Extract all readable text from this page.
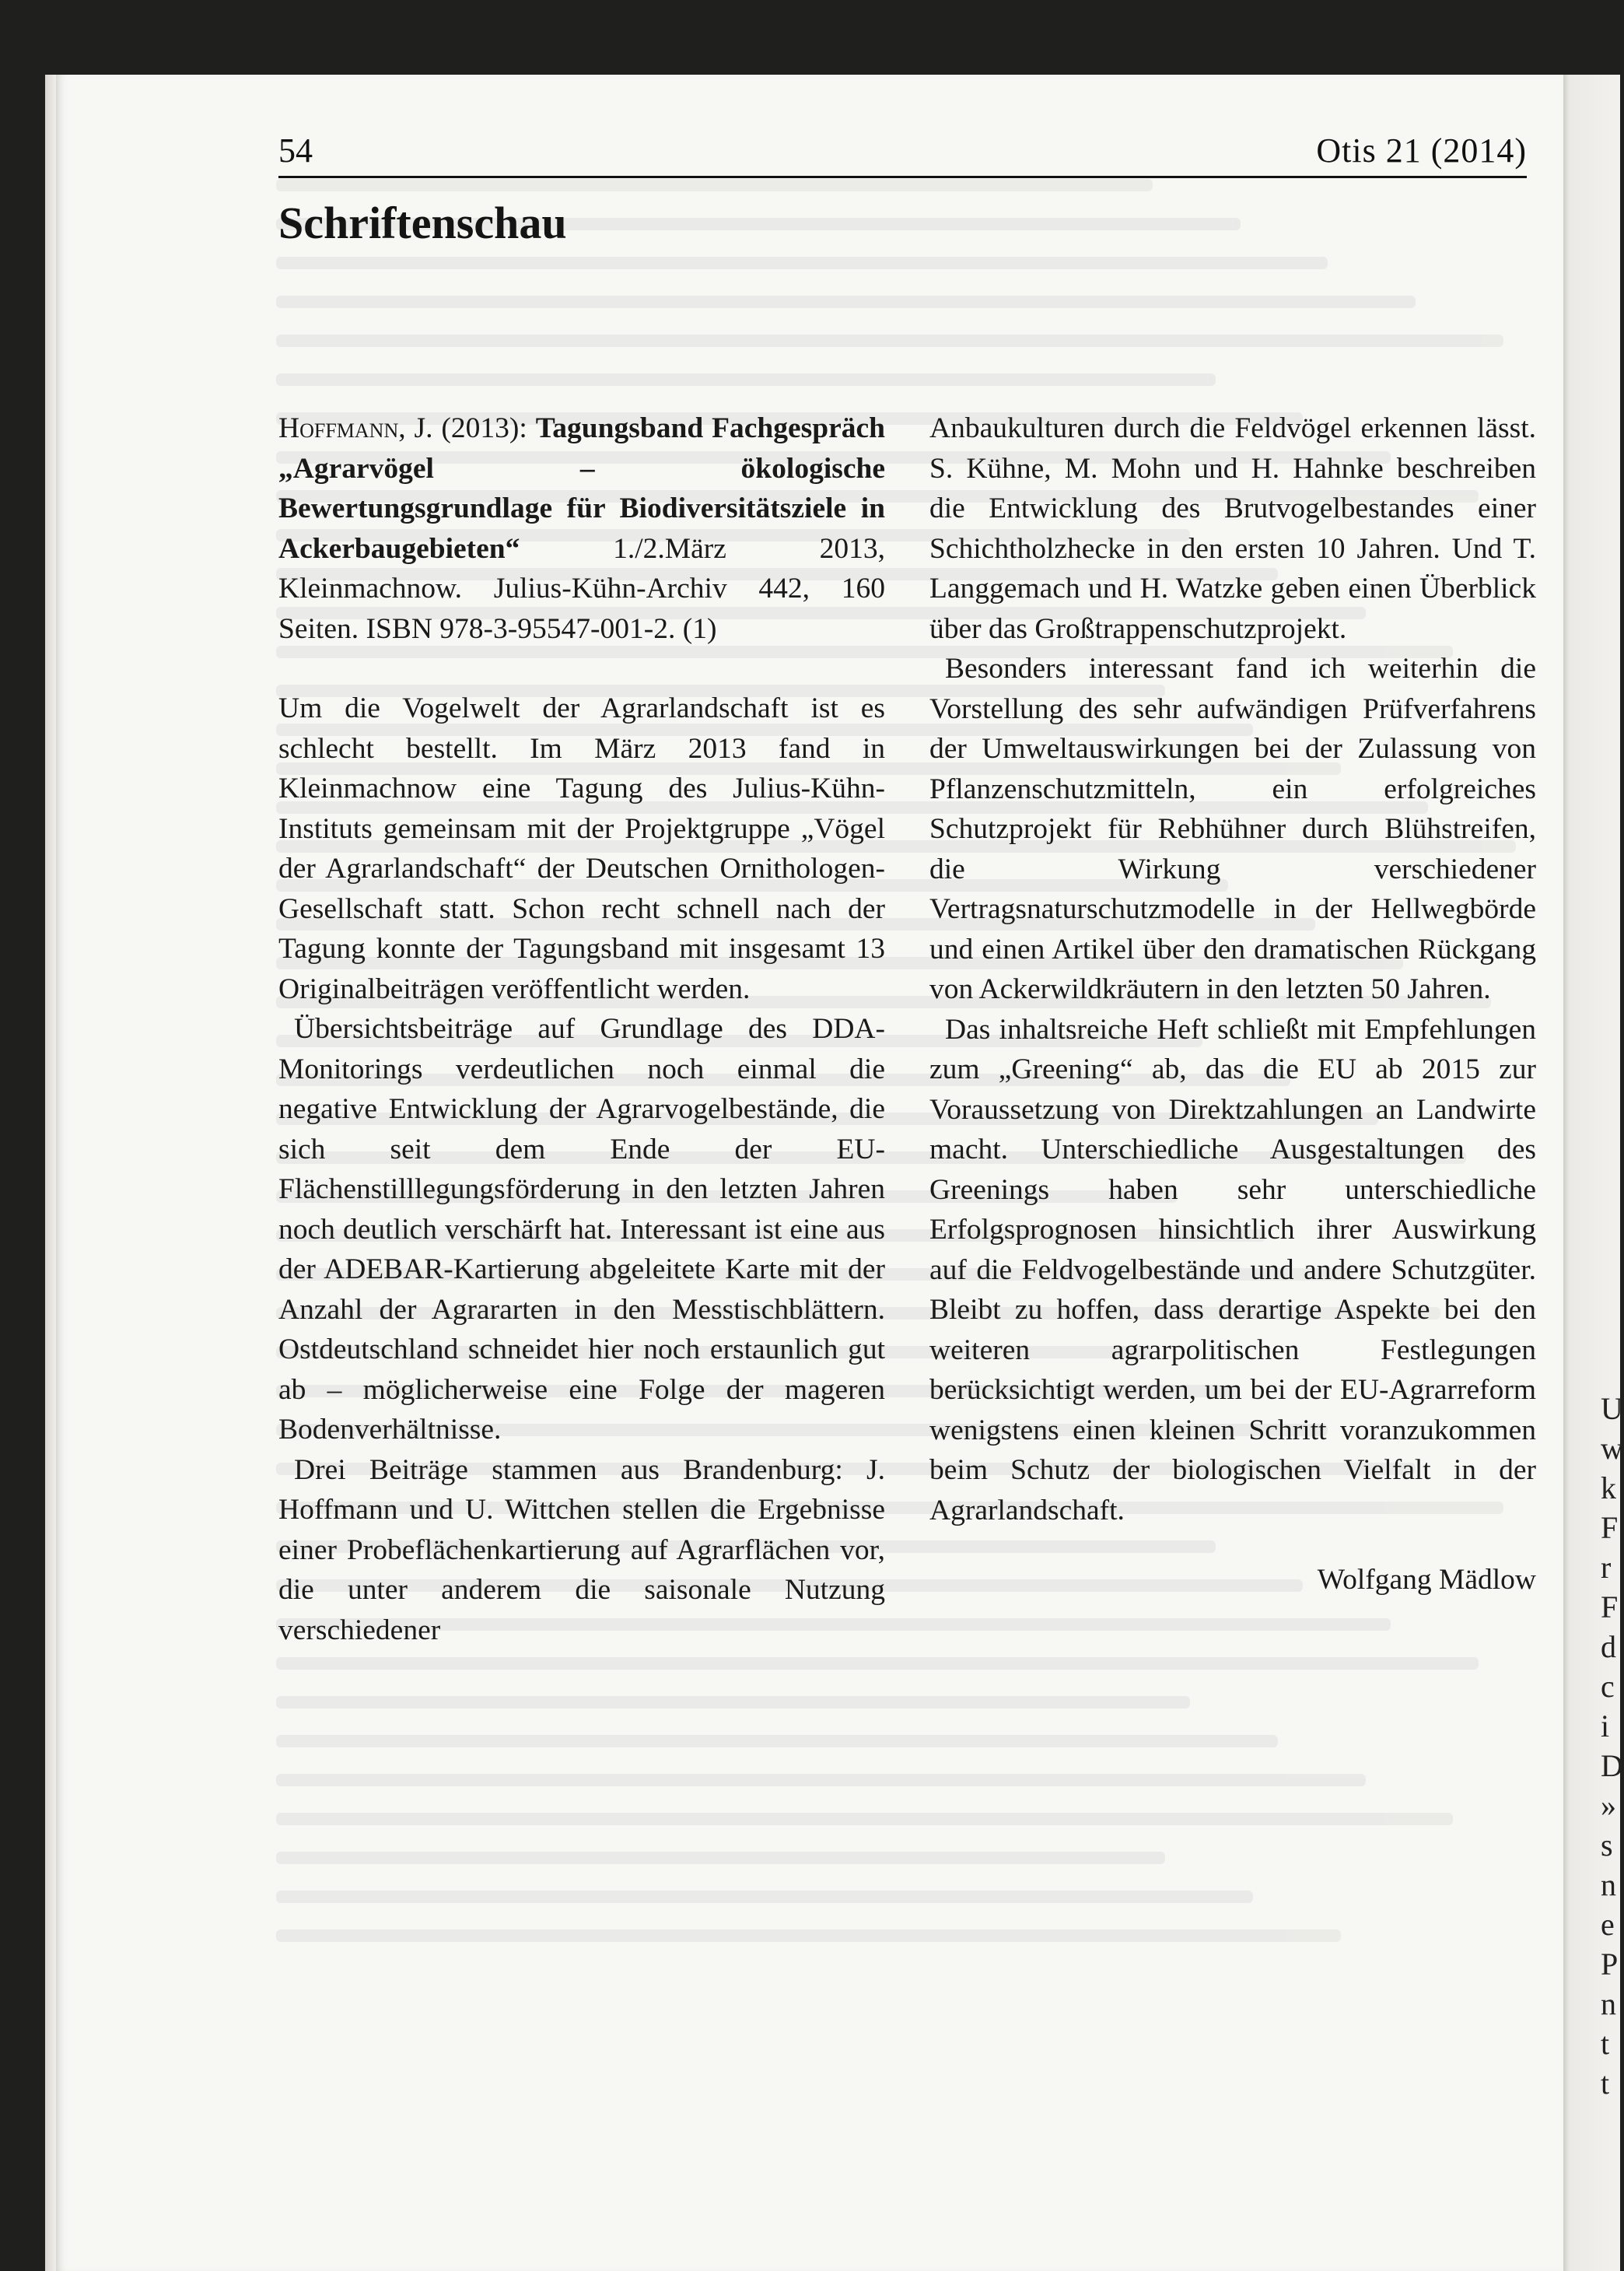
U
w
k
F
r
F
d
c
i
D
»
s
n
e
P
n
t
t
54	Otis 21 (2014)
Schriftenschau

Hoffmann, J. (2013): Tagungsband Fachgespräch „Agrarvögel – ökologische Bewertungsgrundlage für Biodiversitätsziele in Ackerbaugebieten“ 1./2.März 2013, Kleinmachnow. Julius-Kühn-Archiv 442, 160 Seiten. ISBN 978-3-95547-001-2. (1)

Um die Vogelwelt der Agrarlandschaft ist es schlecht bestellt. Im März 2013 fand in Kleinmachnow eine Tagung des Julius-Kühn-Instituts gemeinsam mit der Projektgruppe „Vögel der Agrarlandschaft“ der Deutschen Ornithologen-Gesellschaft statt. Schon recht schnell nach der Tagung konnte der Tagungsband mit insgesamt 13 Originalbeiträgen veröffentlicht werden.

Übersichtsbeiträge auf Grundlage des DDA-Monitorings verdeutlichen noch einmal die negative Entwicklung der Agrarvogelbestände, die sich seit dem Ende der EU-Flächenstilllegungsförderung in den letzten Jahren noch deutlich verschärft hat. Interessant ist eine aus der ADEBAR-Kartierung abgeleitete Karte mit der Anzahl der Agrararten in den Messtischblättern. Ostdeutschland schneidet hier noch erstaunlich gut ab – möglicherweise eine Folge der mageren Bodenverhältnisse.

Drei Beiträge stammen aus Brandenburg: J. Hoffmann und U. Wittchen stellen die Ergebnisse einer Probeflächenkartierung auf Agrarflächen vor, die unter anderem die saisonale Nutzung verschiedener

Anbaukulturen durch die Feldvögel erkennen lässt. S. Kühne, M. Mohn und H. Hahnke beschreiben die Entwicklung des Brutvogelbestandes einer Schichtholzhecke in den ersten 10 Jahren. Und T. Langgemach und H. Watzke geben einen Überblick über das Großtrappenschutzprojekt.

Besonders interessant fand ich weiterhin die Vorstellung des sehr aufwändigen Prüfverfahrens der Umweltauswirkungen bei der Zulassung von Pflanzenschutzmitteln, ein erfolgreiches Schutzprojekt für Rebhühner durch Blühstreifen, die Wirkung verschiedener Vertragsnaturschutzmodelle in der Hellwegbörde und einen Artikel über den dramatischen Rückgang von Ackerwildkräutern in den letzten 50 Jahren.

Das inhaltsreiche Heft schließt mit Empfehlungen zum „Greening“ ab, das die EU ab 2015 zur Voraussetzung von Direktzahlungen an Landwirte macht. Unterschiedliche Ausgestaltungen des Greenings haben sehr unterschiedliche Erfolgsprognosen hinsichtlich ihrer Auswirkung auf die Feldvogelbestände und andere Schutzgüter. Bleibt zu hoffen, dass derartige Aspekte bei den weiteren agrarpolitischen Festlegungen berücksichtigt werden, um bei der EU-Agrarreform wenigstens einen kleinen Schritt voranzukommen beim Schutz der biologischen Vielfalt in der Agrarlandschaft.

Wolfgang Mädlow
